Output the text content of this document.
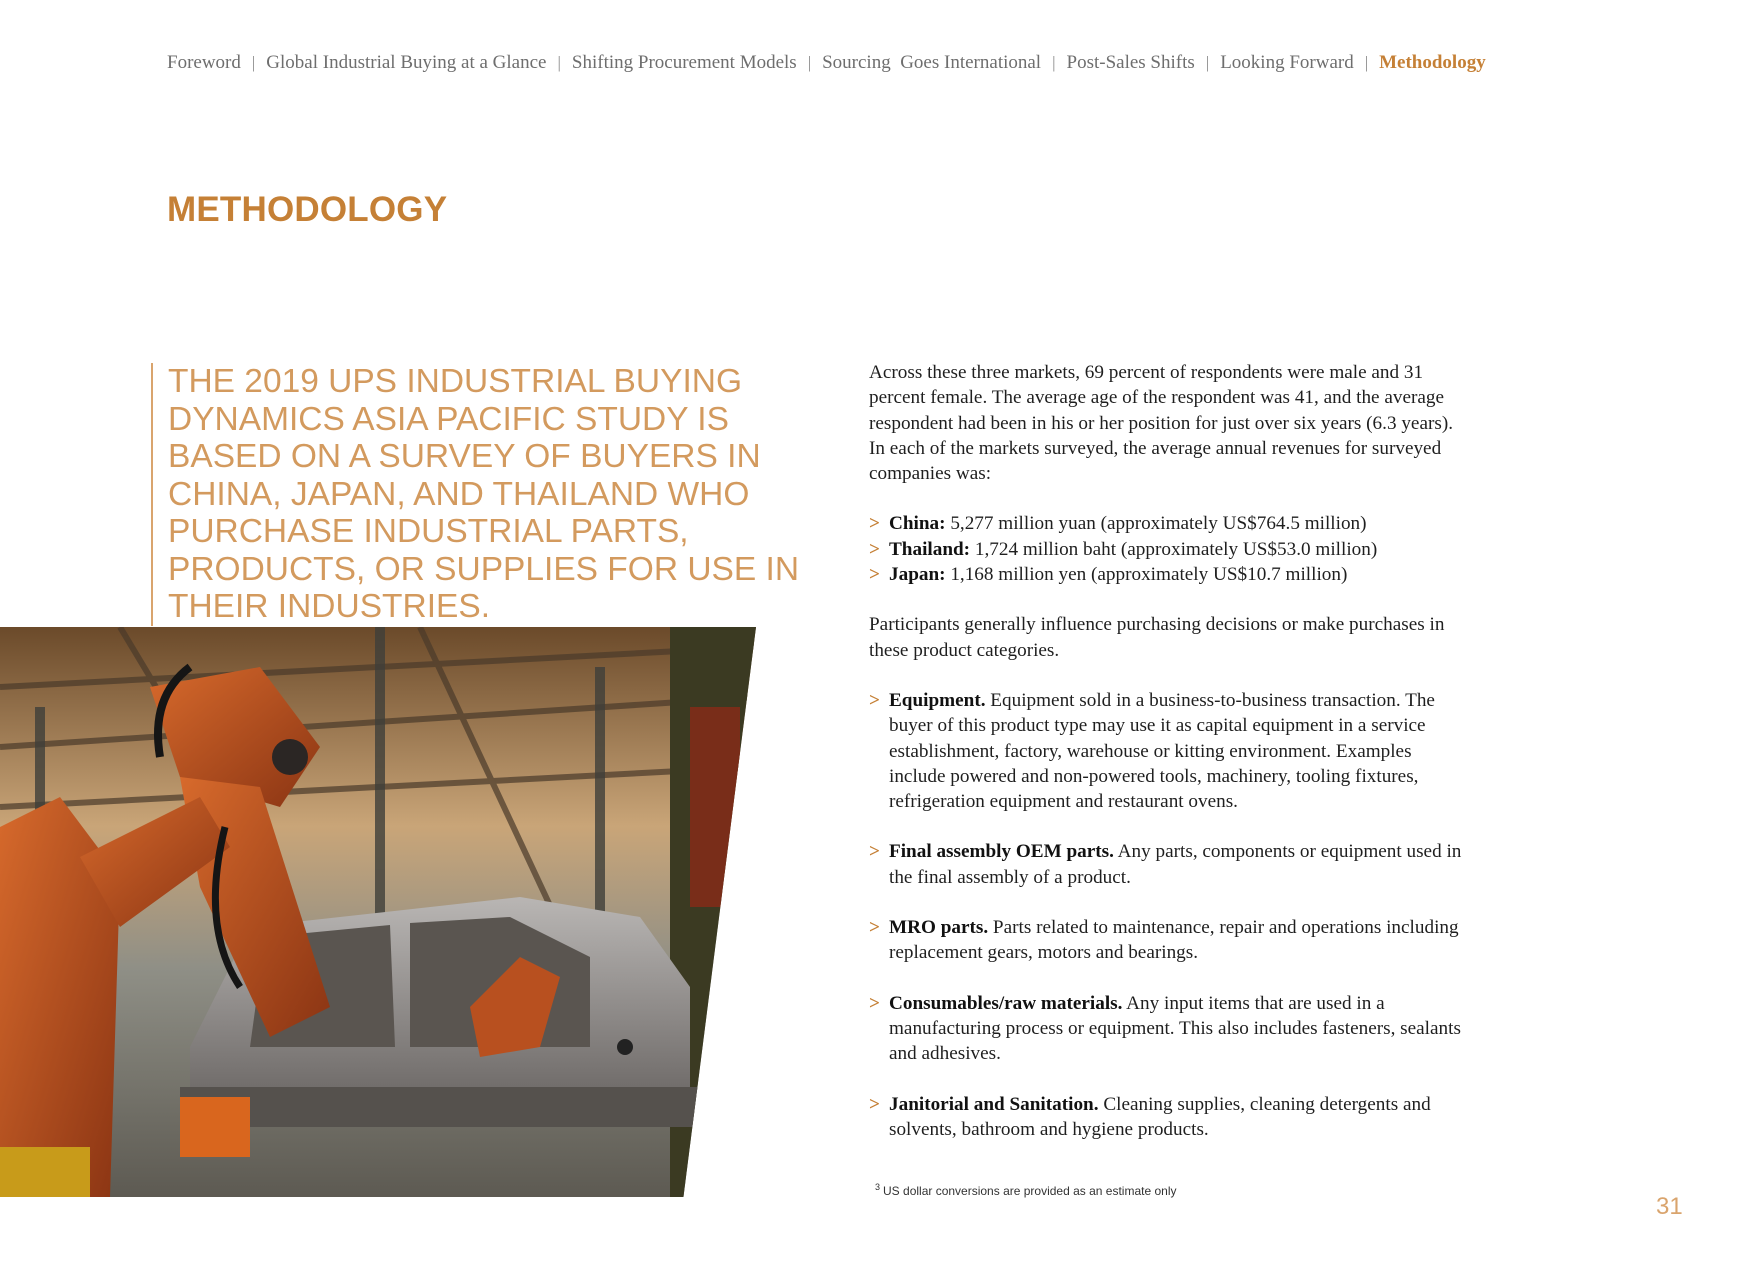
Foreword | Global Industrial Buying at a Glance | Shifting Procurement Models | Sourcing  Goes International | Post-Sales Shifts | Looking Forward | Methodology
METHODOLOGY
THE 2019 UPS INDUSTRIAL BUYING DYNAMICS ASIA PACIFIC STUDY IS BASED ON A SURVEY OF BUYERS IN CHINA, JAPAN, AND THAILAND WHO PURCHASE INDUSTRIAL PARTS, PRODUCTS, OR SUPPLIES FOR USE IN THEIR INDUSTRIES.

Across these three markets, 69 percent of respondents were male and 31 percent female. The average age of the respondent was 41, and the average respondent had been in his or her position for just over six years (6.3 years). In each of the markets surveyed, the average annual revenues for surveyed companies was:

> China: 5,277 million yuan (approximately US$764.5 million)
> Thailand: 1,724 million baht (approximately US$53.0 million)
> Japan: 1,168 million yen (approximately US$10.7 million)

Participants generally influence purchasing decisions or make purchases in these product categories.

> Equipment. Equipment sold in a business-to-business transaction. The buyer of this product type may use it as capital equipment in a service establishment, factory, warehouse or kitting environment. Examples include powered and non-powered tools, machinery, tooling fixtures, refrigeration equipment and restaurant ovens.
> Final assembly OEM parts. Any parts, components or equipment used in the final assembly of a product.
> MRO parts. Parts related to maintenance, repair and operations including replacement gears, motors and bearings.
> Consumables/raw materials. Any input items that are used in a manufacturing process or equipment. This also includes fasteners, sealants and adhesives.
> Janitorial and Sanitation. Cleaning supplies, cleaning detergents and solvents, bathroom and hygiene products.
$^3$ US dollar conversions are provided as an estimate only
31
